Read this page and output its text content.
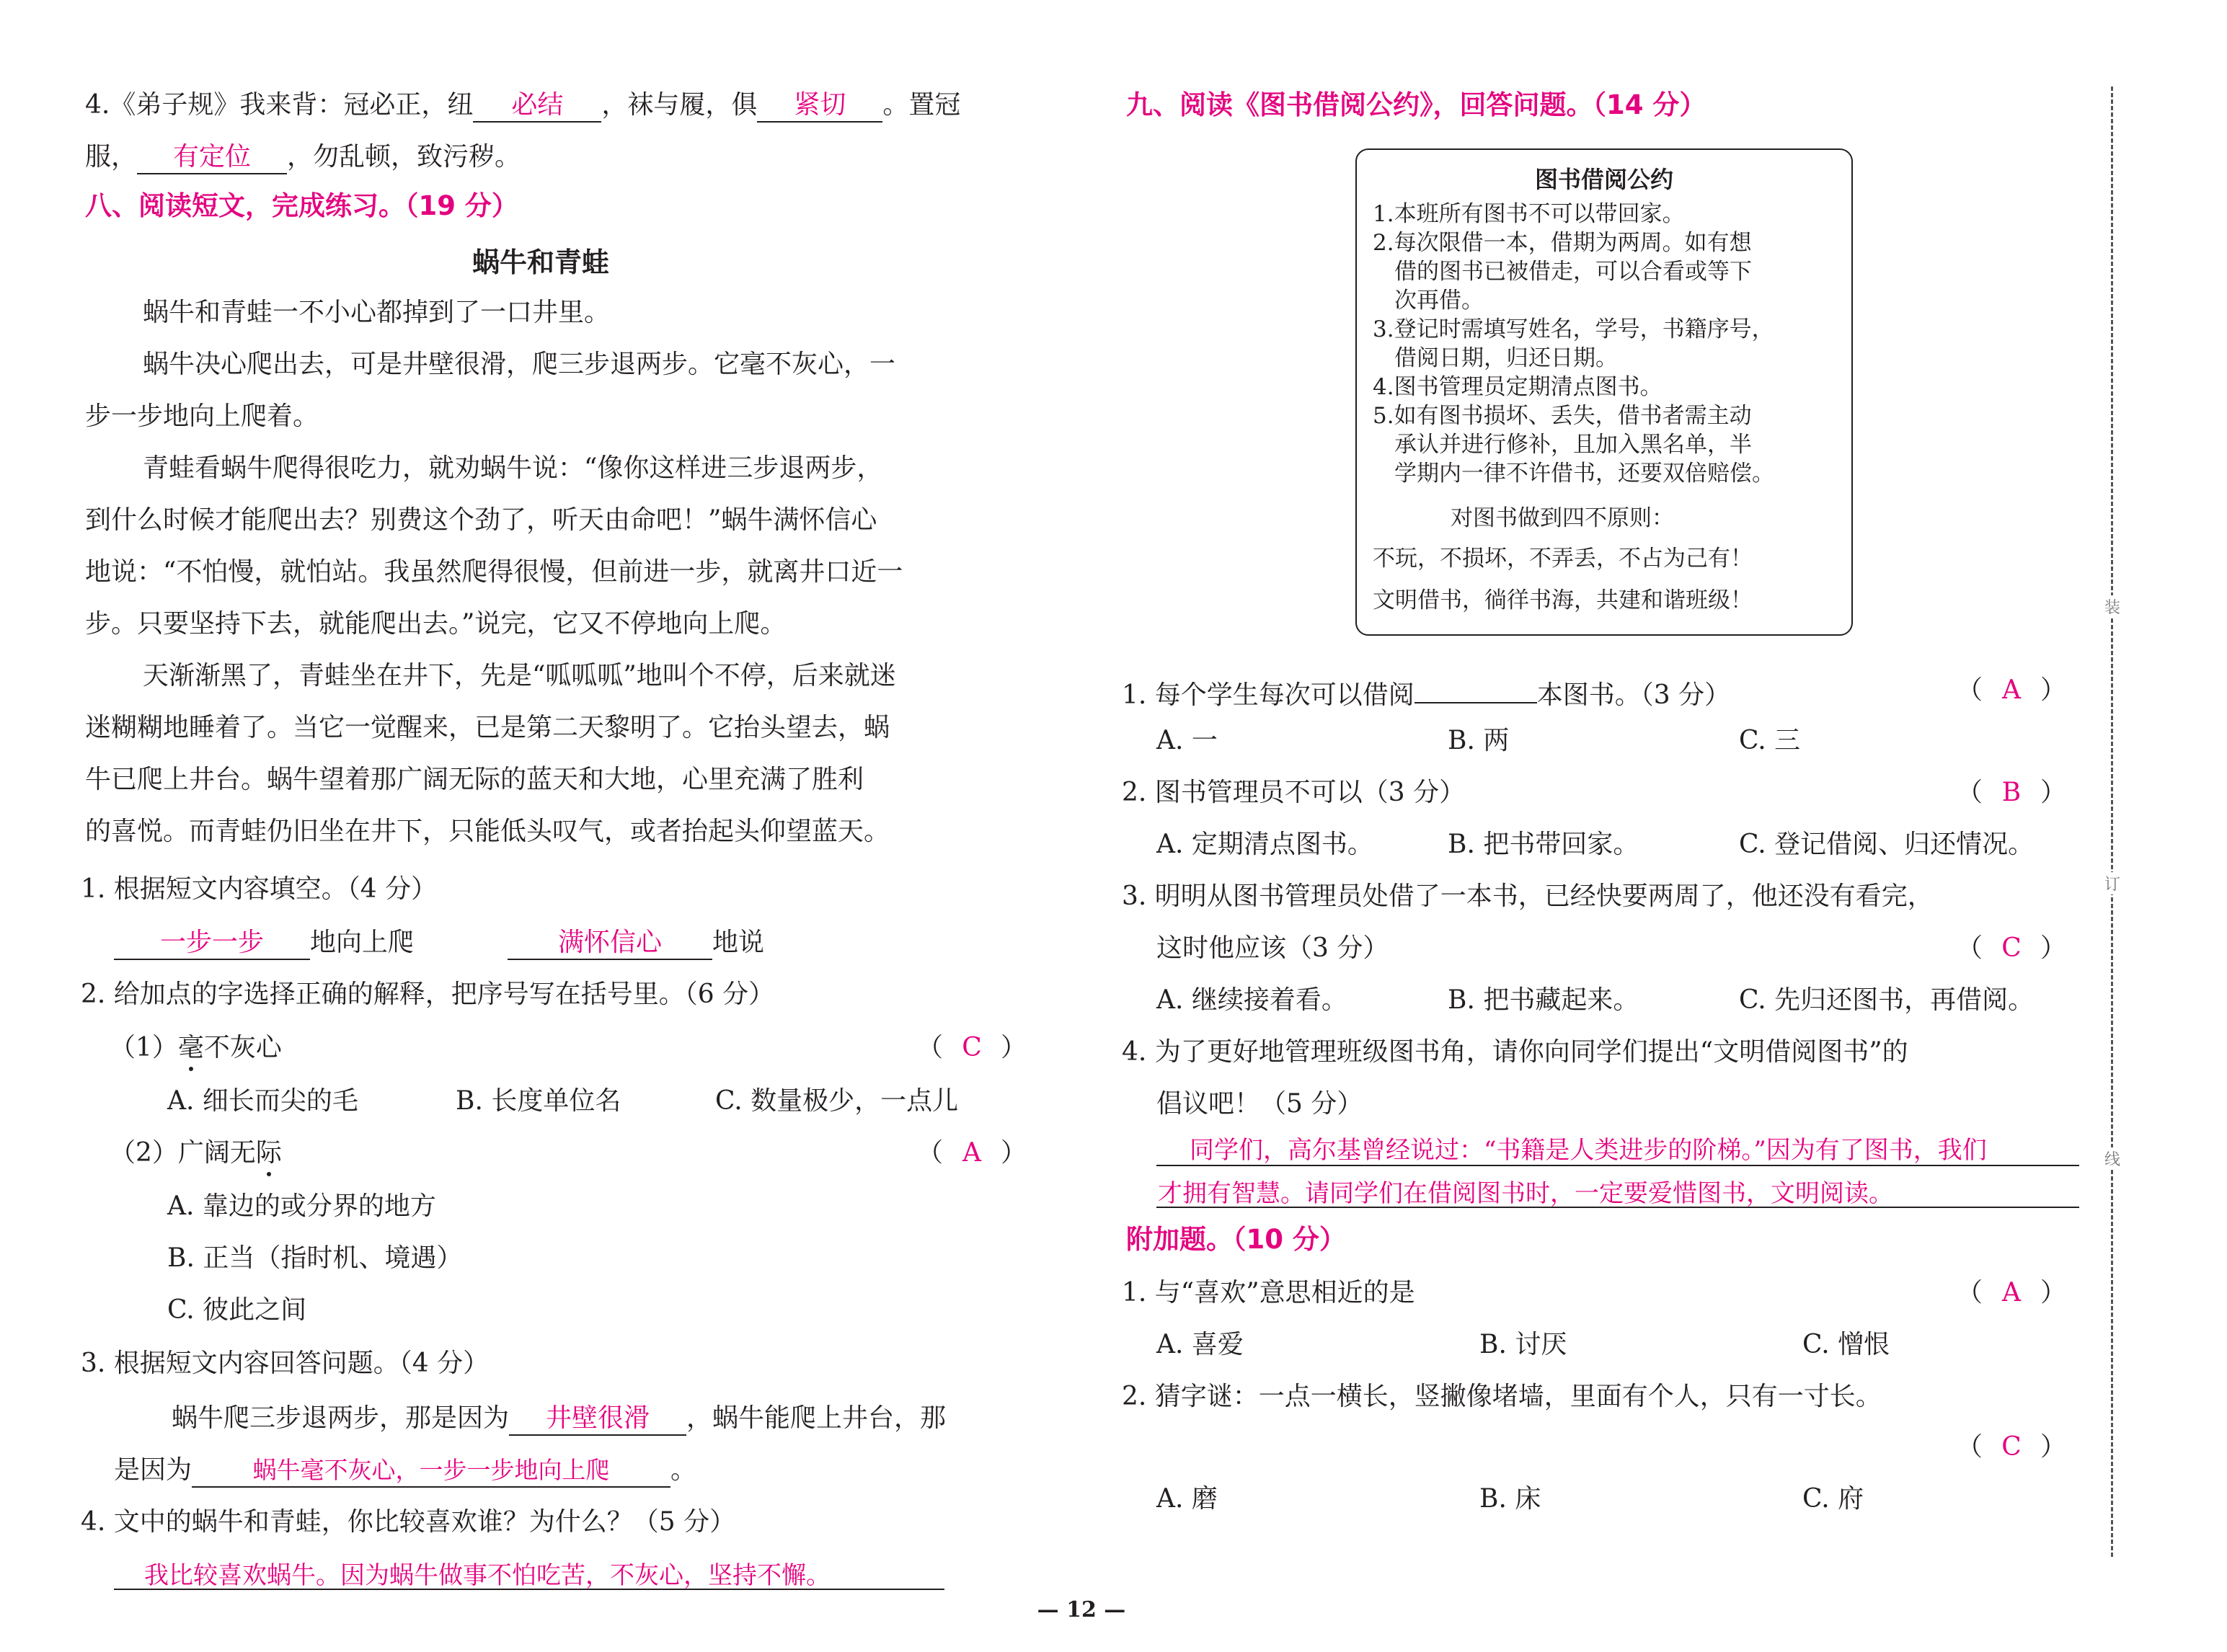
4.《弟子规》我来背：冠必正，纽 必结 ，袜与履，俱 紧切 。置冠
服， 有定位 ，勿乱顿，致污秽。
八、阅读短文，完成练习。（19 分）
蜗牛和青蛙
蜗牛和青蛙一不小心都掉到了一口井里。
蜗牛决心爬出去，可是井壁很滑，爬三步退两步。它毫不灰心，一
步一步地向上爬着。
青蛙看蜗牛爬得很吃力，就劝蜗牛说：“像你这样进三步退两步，
到什么时候才能爬出去？别费这个劲了，听天由命吧！”蜗牛满怀信心
地说：“不怕慢，就怕站。我虽然爬得很慢，但前进一步，就离井口近一
步。只要坚持下去，就能爬出去。”说完，它又不停地向上爬。
天渐渐黑了，青蛙坐在井下，先是“呱呱呱”地叫个不停，后来就迷
迷糊糊地睡着了。当它一觉醒来，已是第二天黎明了。它抬头望去，蜗
牛已爬上井台。蜗牛望着那广阔无际的蓝天和大地，心里充满了胜利
的喜悦。而青蛙仍旧坐在井下，只能低头叹气，或者抬起头仰望蓝天。
1. 根据短文内容填空。（4 分）
一步一步 地向上爬	满怀信心 地说
2. 给加点的字选择正确的解释，把序号写在括号里。（6 分）
（1）毫不灰心	（ C ）
A. 细长而尖的毛	B. 长度单位名	C. 数量极少，一点儿
（2）广阔无际	（ A ）
A. 靠边的或分界的地方
B. 正当（指时机、境遇）
C. 彼此之间
3. 根据短文内容回答问题。（4 分）
蜗牛爬三步退两步，那是因为 井壁很滑 ，蜗牛能爬上井台，那
是因为	蜗牛毫不灰心，一步一步地向上爬 。
4. 文中的蜗牛和青蛙，你比较喜欢谁？为什么？（5 分）
我比较喜欢蜗牛。因为蜗牛做事不怕吃苦，不灰心，坚持不懈。
九、阅读《图书借阅公约》，回答问题。（14 分）
图书借阅公约
1.本班所有图书不可以带回家。
2.每次限借一本，借期为两周。如有想
借的图书已被借走，可以合看或等下
次再借。
3.登记时需填写姓名，学号，书籍序号，
借阅日期，归还日期。
4.图书管理员定期清点图书。
5.如有图书损坏、丢失，借书者需主动
承认并进行修补，且加入黑名单，半
学期内一律不许借书，还要双倍赔偿。
对图书做到四不原则：
不玩，不损坏，不弄丢，不占为己有！
文明借书，徜徉书海，共建和谐班级！
1. 每个学生每次可以借阅	本图书。（3 分）	（ A ）
A. 一	B. 两	C. 三
2. 图书管理员不可以（3 分）	（ B ）
A. 定期清点图书。	B. 把书带回家。	C. 登记借阅、归还情况。
3. 明明从图书管理员处借了一本书，已经快要两周了，他还没有看完，
这时他应该（3 分）	（ C ）
A. 继续接着看。	B. 把书藏起来。	C. 先归还图书，再借阅。
4. 为了更好地管理班级图书角，请你向同学们提出“文明借阅图书”的
倡议吧！（5 分）
同学们，高尔基曾经说过：“书籍是人类进步的阶梯。”因为有了图书，我们
才拥有智慧。请同学们在借阅图书时，一定要爱惜图书，文明阅读。
附加题。（10 分）
1. 与“喜欢”意思相近的是	（ A ）
A. 喜爱	B. 讨厌	C. 憎恨
2. 猜字谜：一点一横长，竖撇像堵墙，里面有个人，只有一寸长。
（ C ）
A. 磨	B. 床	C. 府
装
订
线
— 12 —
